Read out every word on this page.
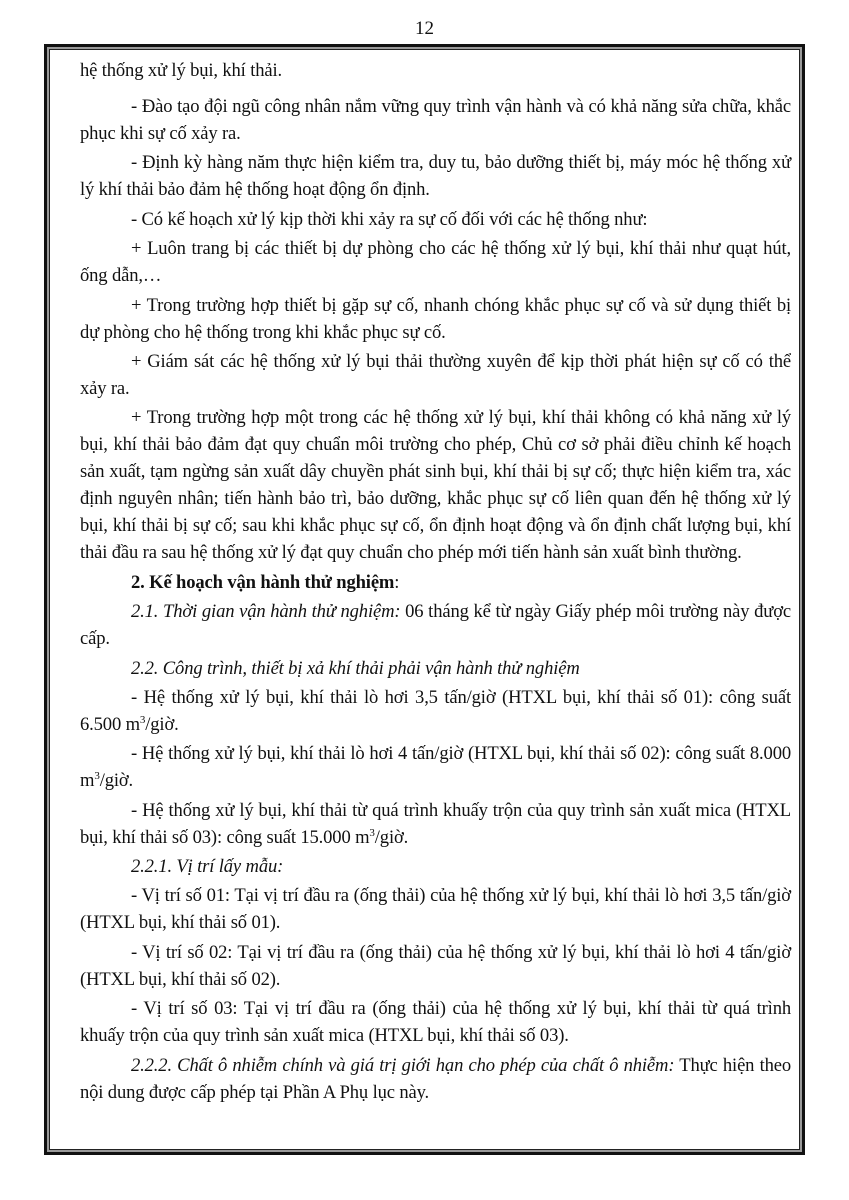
12

hệ thống xử lý bụi, khí thải.

- Đào tạo đội ngũ công nhân nắm vững quy trình vận hành và có khả năng sửa chữa, khắc phục khi sự cố xảy ra.

- Định kỳ hàng năm thực hiện kiểm tra, duy tu, bảo dưỡng thiết bị, máy móc hệ thống xử lý khí thải bảo đảm hệ thống hoạt động ổn định.

- Có kế hoạch xử lý kịp thời khi xảy ra sự cố đối với các hệ thống như:

+ Luôn trang bị các thiết bị dự phòng cho các hệ thống xử lý bụi, khí thải như quạt hút, ống dẫn,…

+ Trong trường hợp thiết bị gặp sự cố, nhanh chóng khắc phục sự cố và sử dụng thiết bị dự phòng cho hệ thống trong khi khắc phục sự cố.

+ Giám sát các hệ thống xử lý bụi thải thường xuyên để kịp thời phát hiện sự cố có thể xảy ra.

+ Trong trường hợp một trong các hệ thống xử lý bụi, khí thải không có khả năng xử lý bụi, khí thải bảo đảm đạt quy chuẩn môi trường cho phép, Chủ cơ sở phải điều chỉnh kế hoạch sản xuất, tạm ngừng sản xuất dây chuyền phát sinh bụi, khí thải bị sự cố; thực hiện kiểm tra, xác định nguyên nhân; tiến hành bảo trì, bảo dưỡng, khắc phục sự cố liên quan đến hệ thống xử lý bụi, khí thải bị sự cố; sau khi khắc phục sự cố, ổn định hoạt động và ổn định chất lượng bụi, khí thải đầu ra sau hệ thống xử lý đạt quy chuẩn cho phép mới tiến hành sản xuất bình thường.

2. Kế hoạch vận hành thử nghiệm:

2.1. Thời gian vận hành thử nghiệm: 06 tháng kể từ ngày Giấy phép môi trường này được cấp.

2.2. Công trình, thiết bị xả khí thải phải vận hành thử nghiệm

- Hệ thống xử lý bụi, khí thải lò hơi 3,5 tấn/giờ (HTXL bụi, khí thải số 01): công suất 6.500 $m^3$/giờ.

- Hệ thống xử lý bụi, khí thải lò hơi 4 tấn/giờ (HTXL bụi, khí thải số 02): công suất 8.000 $m^3$/giờ.

- Hệ thống xử lý bụi, khí thải từ quá trình khuấy trộn của quy trình sản xuất mica (HTXL bụi, khí thải số 03): công suất 15.000 $m^3$/giờ.

2.2.1. Vị trí lấy mẫu:

- Vị trí số 01: Tại vị trí đầu ra (ống thải) của hệ thống xử lý bụi, khí thải lò hơi 3,5 tấn/giờ (HTXL bụi, khí thải số 01).

- Vị trí số 02: Tại vị trí đầu ra (ống thải) của hệ thống xử lý bụi, khí thải lò hơi 4 tấn/giờ (HTXL bụi, khí thải số 02).

- Vị trí số 03: Tại vị trí đầu ra (ống thải) của hệ thống xử lý bụi, khí thải từ quá trình khuấy trộn của quy trình sản xuất mica (HTXL bụi, khí thải số 03).

2.2.2. Chất ô nhiễm chính và giá trị giới hạn cho phép của chất ô nhiễm: Thực hiện theo nội dung được cấp phép tại Phần A Phụ lục này.
